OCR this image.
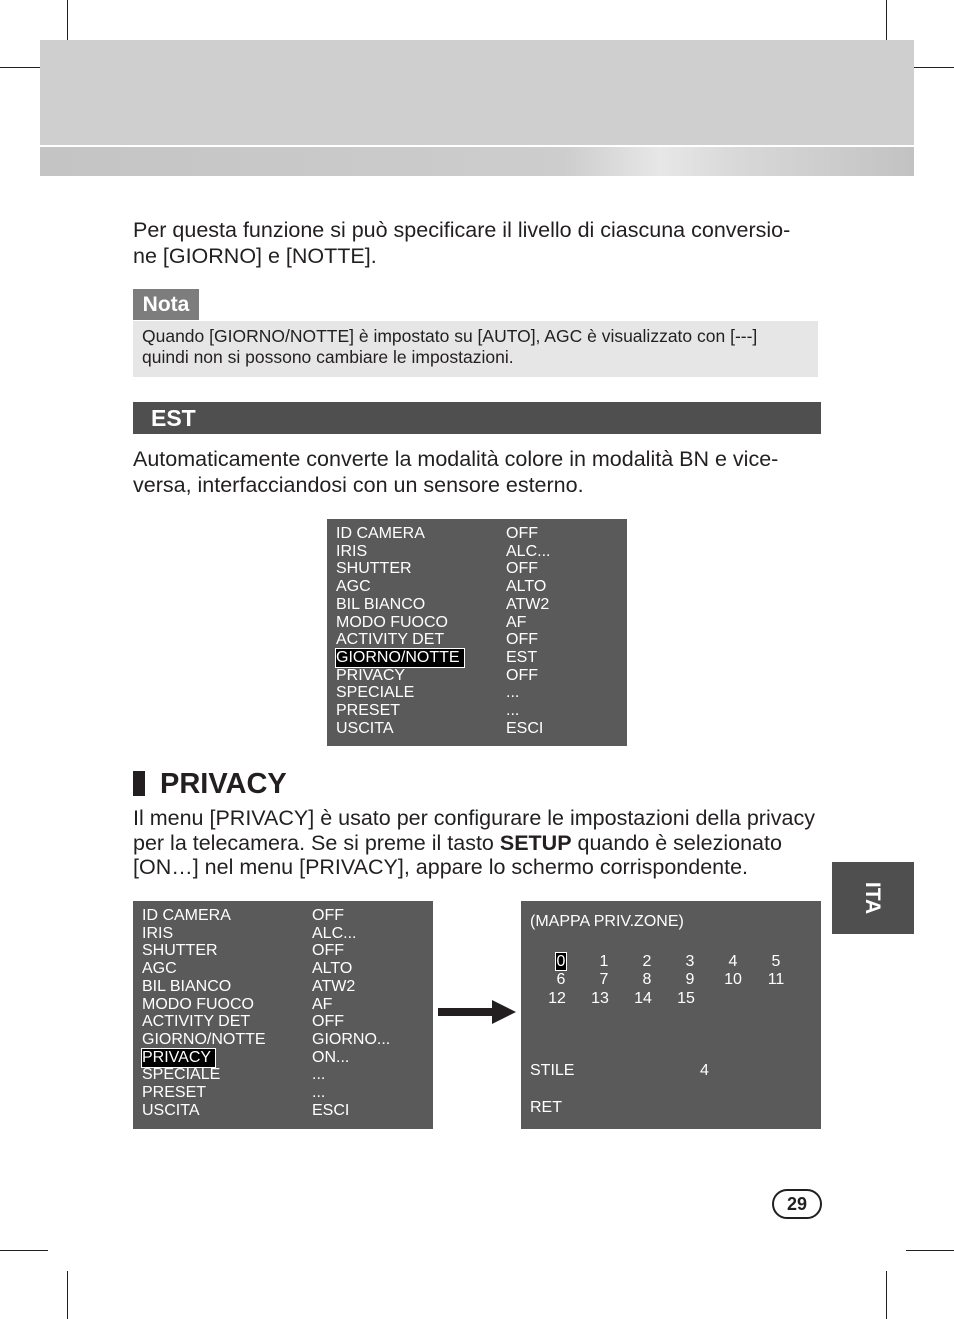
Per questa funzione si può specificare il livello di ciascuna conversio-
ne [GIORNO] e [NOTTE].

Nota
Quando [GIORNO/NOTTE] è impostato su [AUTO], AGC è visualizzato con [---]
quindi non si possono cambiare le impostazioni.
EST

Automaticamente converte la modalità colore in modalità BN e vice-
versa, interfacciandosi con un sensore esterno.

ID CAMERA	OFF
IRIS	ALC...
SHUTTER	OFF
AGC	ALTO
BIL BIANCO	ATW2
MODO FUOCO	AF
ACTIVITY DET	OFF
GIORNO/NOTTE	EST
PRIVACY	OFF
SPECIALE	...
PRESET	...
USCITA	ESCI
PRIVACY

Il menu [PRIVACY] è usato per configurare le impostazioni della privacy
per la telecamera. Se si preme il tasto SETUP quando è selezionato
[ON…] nel menu [PRIVACY], appare lo schermo corrispondente.

ID CAMERA	OFF
IRIS	ALC...
SHUTTER	OFF
AGC	ALTO
BIL BIANCO	ATW2
MODO FUOCO	AF
ACTIVITY DET	OFF
GIORNO/NOTTE	GIORNO...
PRIVACY	ON...
SPECIALE	...
PRESET	...
USCITA	ESCI
(MAPPA PRIV.ZONE)
STILE	4
RET
0	1	2	3	4	5
6	7	8	9	10	11
12	13	14	15
ITA
29
